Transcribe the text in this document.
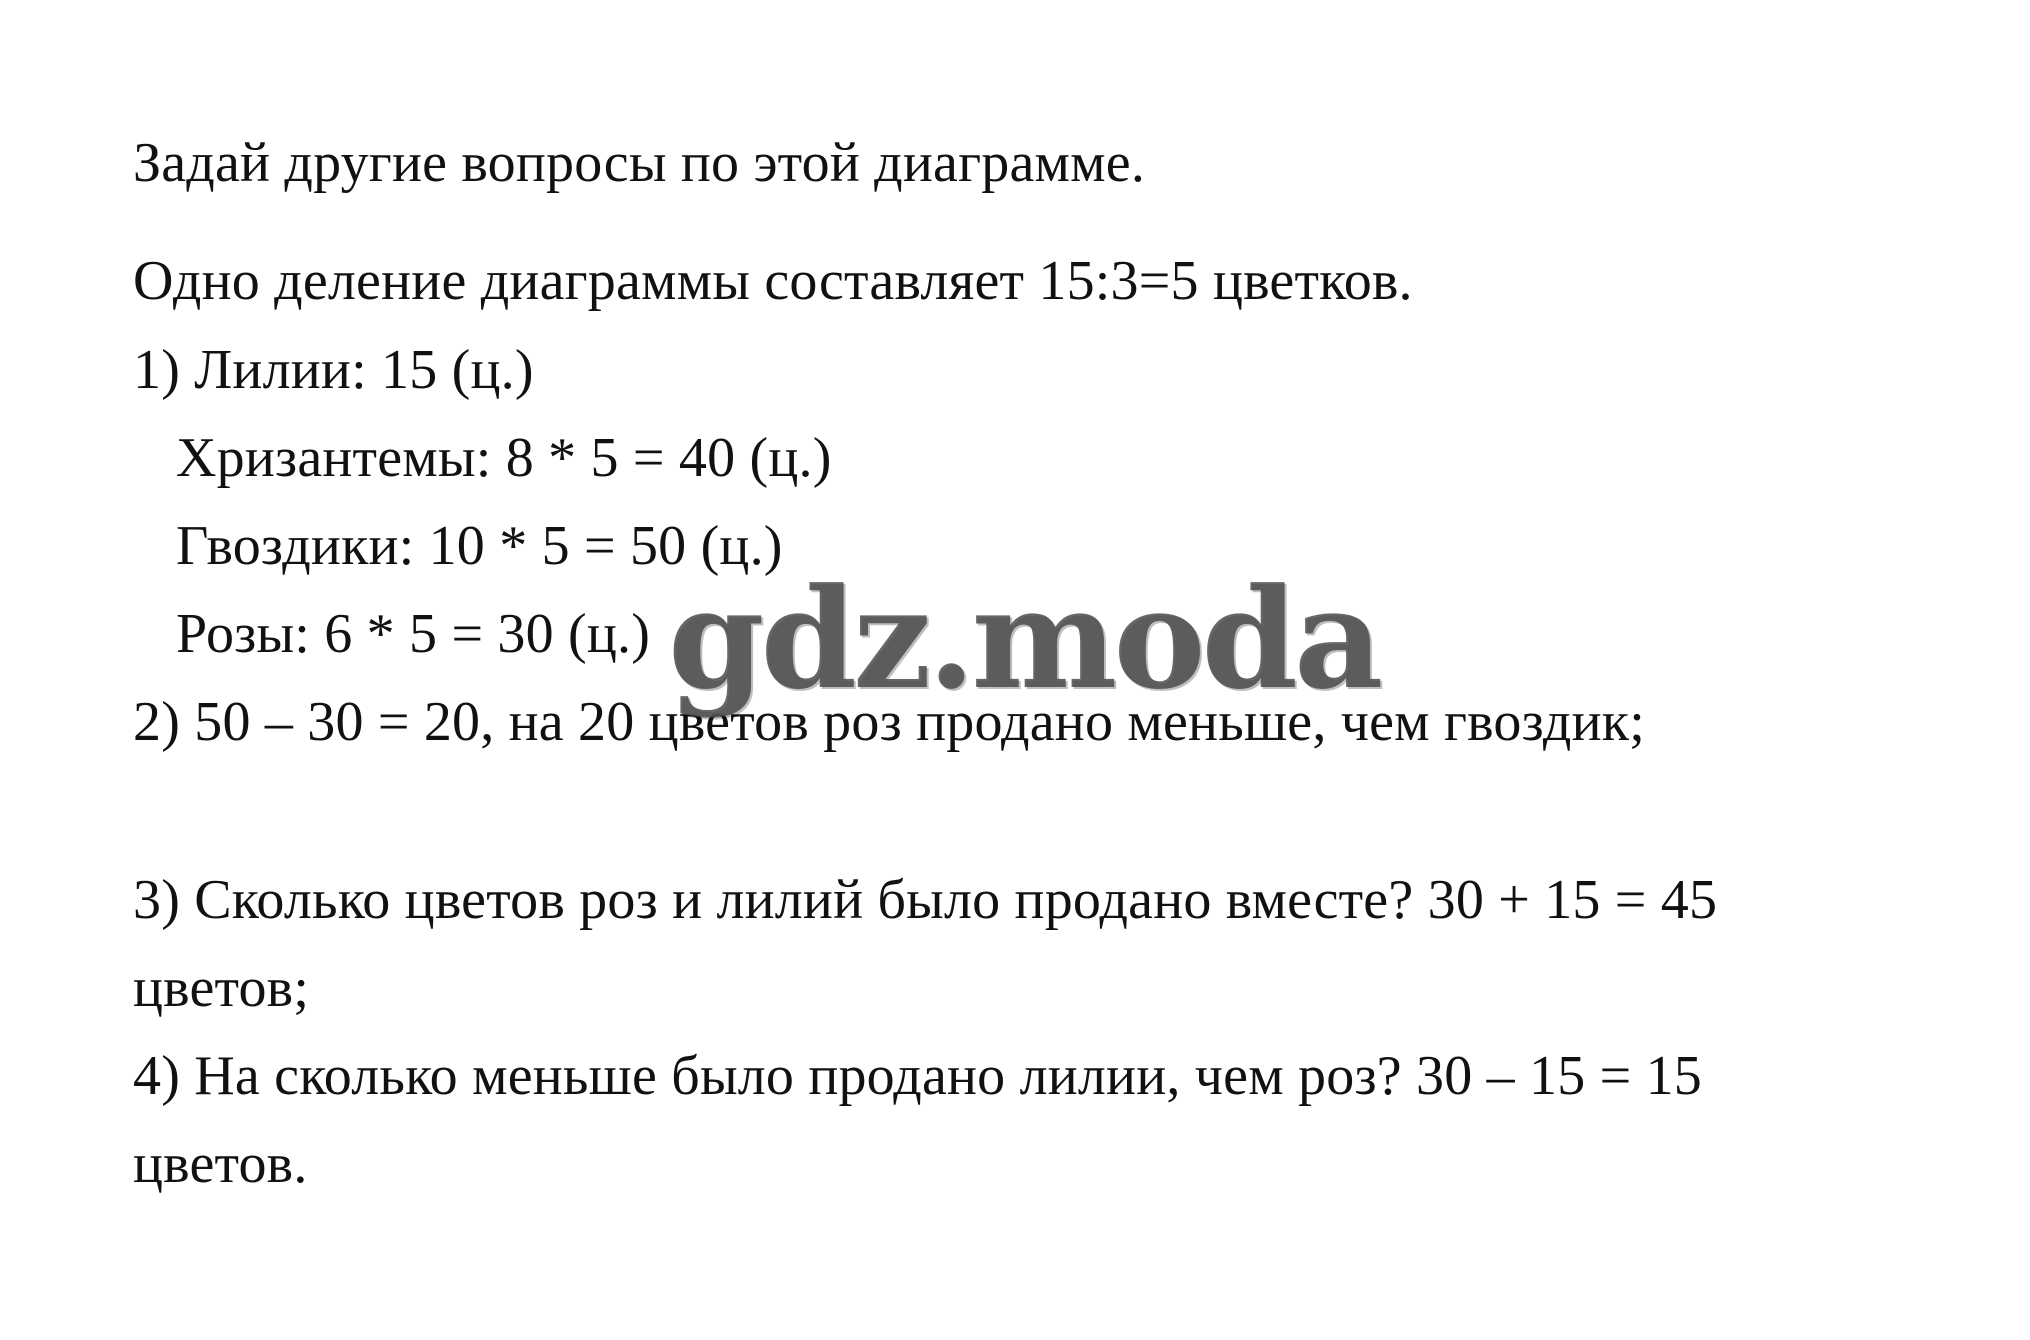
Задай другие вопросы по этой диаграмме.
Одно деление диаграммы составляет 15:3=5 цветков.
1) Лилии: 15 (ц.)
Хризантемы: 8 * 5 = 40 (ц.)
Гвоздики: 10 * 5 = 50 (ц.)
Розы: 6 * 5 = 30 (ц.)
2) 50 – 30 = 20, на 20 цветов роз продано меньше, чем гвоздик;
3) Сколько цветов роз и лилий было продано вместе? 30 + 15 = 45
цветов;
4) На сколько меньше было продано лилии, чем роз? 30 – 15 = 15
цветов.
gdz.moda
